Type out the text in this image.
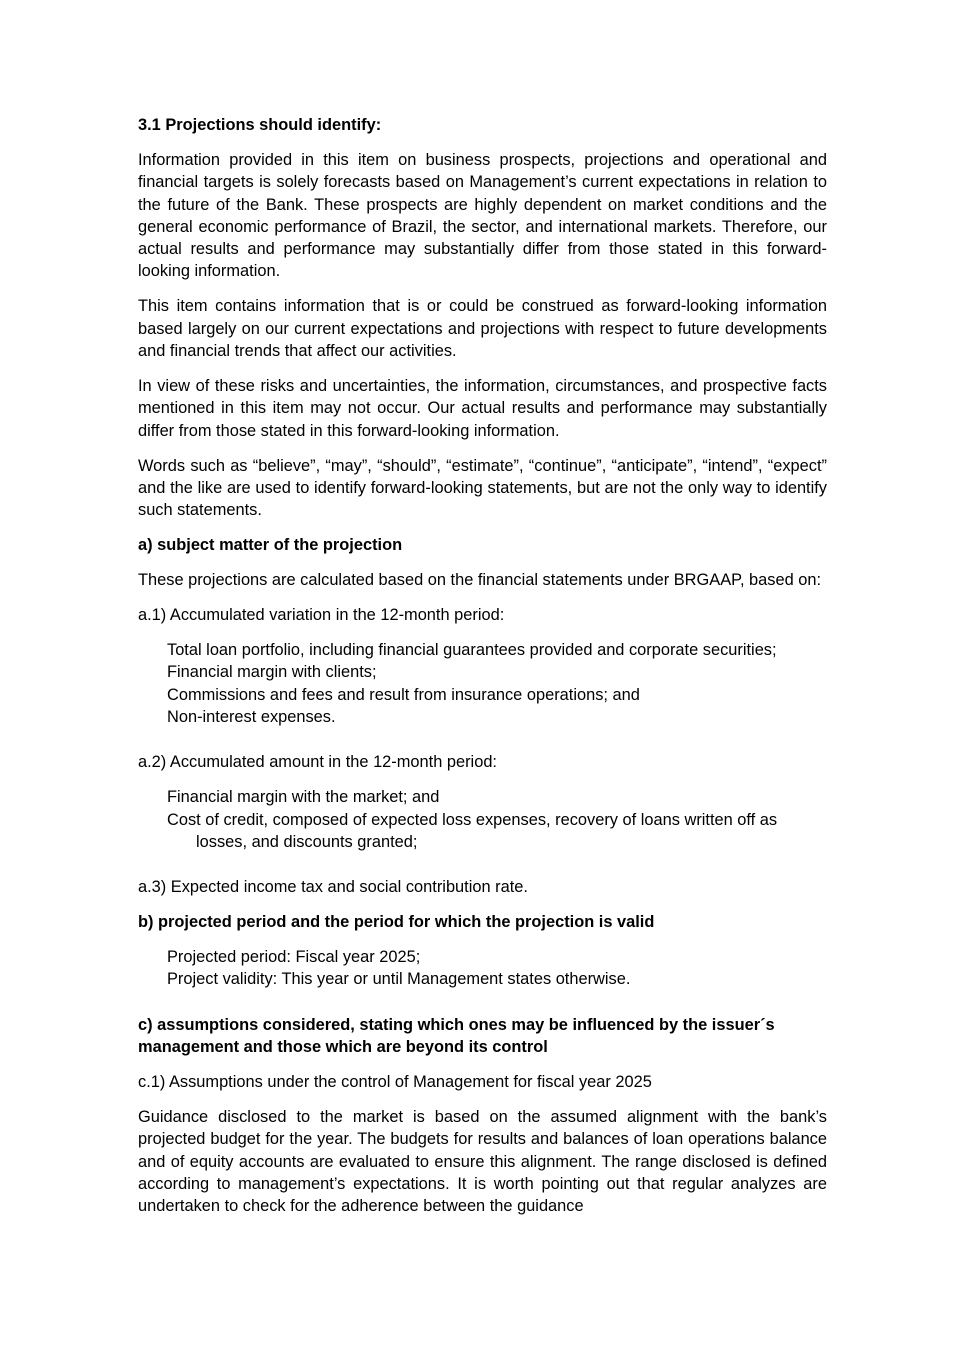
3.1 Projections should identify:
Information provided in this item on business prospects, projections and operational and financial targets is solely forecasts based on Management’s current expectations in relation to the future of the Bank. These prospects are highly dependent on market conditions and the general economic performance of Brazil, the sector, and international markets. Therefore, our actual results and performance may substantially differ from those stated in this forward-looking information.
This item contains information that is or could be construed as forward-looking information based largely on our current expectations and projections with respect to future developments and financial trends that affect our activities.
In view of these risks and uncertainties, the information, circumstances, and prospective facts mentioned in this item may not occur. Our actual results and performance may substantially differ from those stated in this forward-looking information.
Words such as “believe”, “may”, “should”, “estimate”, “continue”, “anticipate”, “intend”, “expect” and the like are used to identify forward-looking statements, but are not the only way to identify such statements.
a) subject matter of the projection
These projections are calculated based on the financial statements under BRGAAP, based on:
a.1) Accumulated variation in the 12-month period:
Total loan portfolio, including financial guarantees provided and corporate securities;
Financial margin with clients;
Commissions and fees and result from insurance operations; and
Non-interest expenses.
a.2) Accumulated amount in the 12-month period:
Financial margin with the market; and
Cost of credit, composed of expected loss expenses, recovery of loans written off as losses, and discounts granted;
a.3) Expected income tax and social contribution rate.
b) projected period and the period for which the projection is valid
Projected period: Fiscal year 2025;
Project validity: This year or until Management states otherwise.
c) assumptions considered, stating which ones may be influenced by the issuer´s management and those which are beyond its control
c.1) Assumptions under the control of Management for fiscal year 2025
Guidance disclosed to the market is based on the assumed alignment with the bank’s projected budget for the year. The budgets for results and balances of loan operations balance and of equity accounts are evaluated to ensure this alignment. The range disclosed is defined according to management’s expectations. It is worth pointing out that regular analyzes are undertaken to check for the adherence between the guidance
